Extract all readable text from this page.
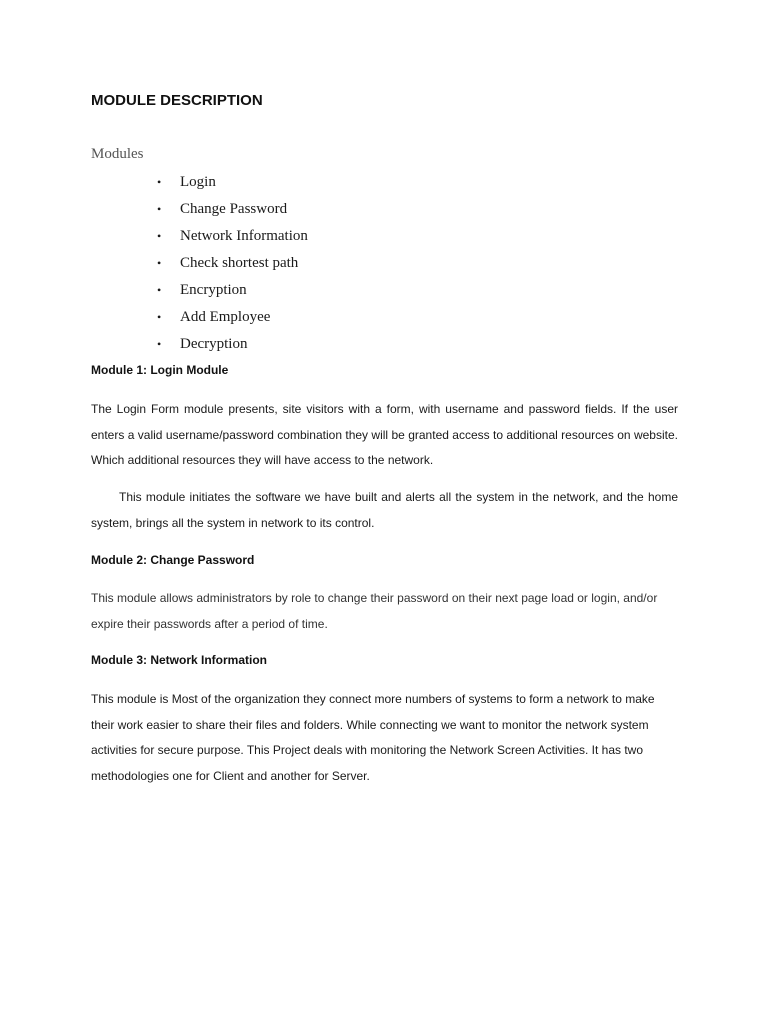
MODULE DESCRIPTION
Modules
• Login
• Change Password
• Network Information
• Check shortest path
• Encryption
• Add Employee
• Decryption
Module 1: Login Module

The Login Form module presents, site visitors with a form, with username and password fields. If the user enters a valid username/password combination they will be granted access to additional resources on website. Which additional resources they will have access to the network.

This module initiates the software we have built and alerts all the system in the network, and the home system, brings all the system in network to its control.

Module 2: Change Password

This module allows administrators by role to change their password on their next page load or login, and/or expire their passwords after a period of time.

Module 3: Network Information

This module is Most of the organization they connect more numbers of systems to form a network to make their work easier to share their files and folders. While connecting we want to monitor the network system activities for secure purpose. This Project deals with monitoring the Network Screen Activities. It has two methodologies one for Client and another for Server.
